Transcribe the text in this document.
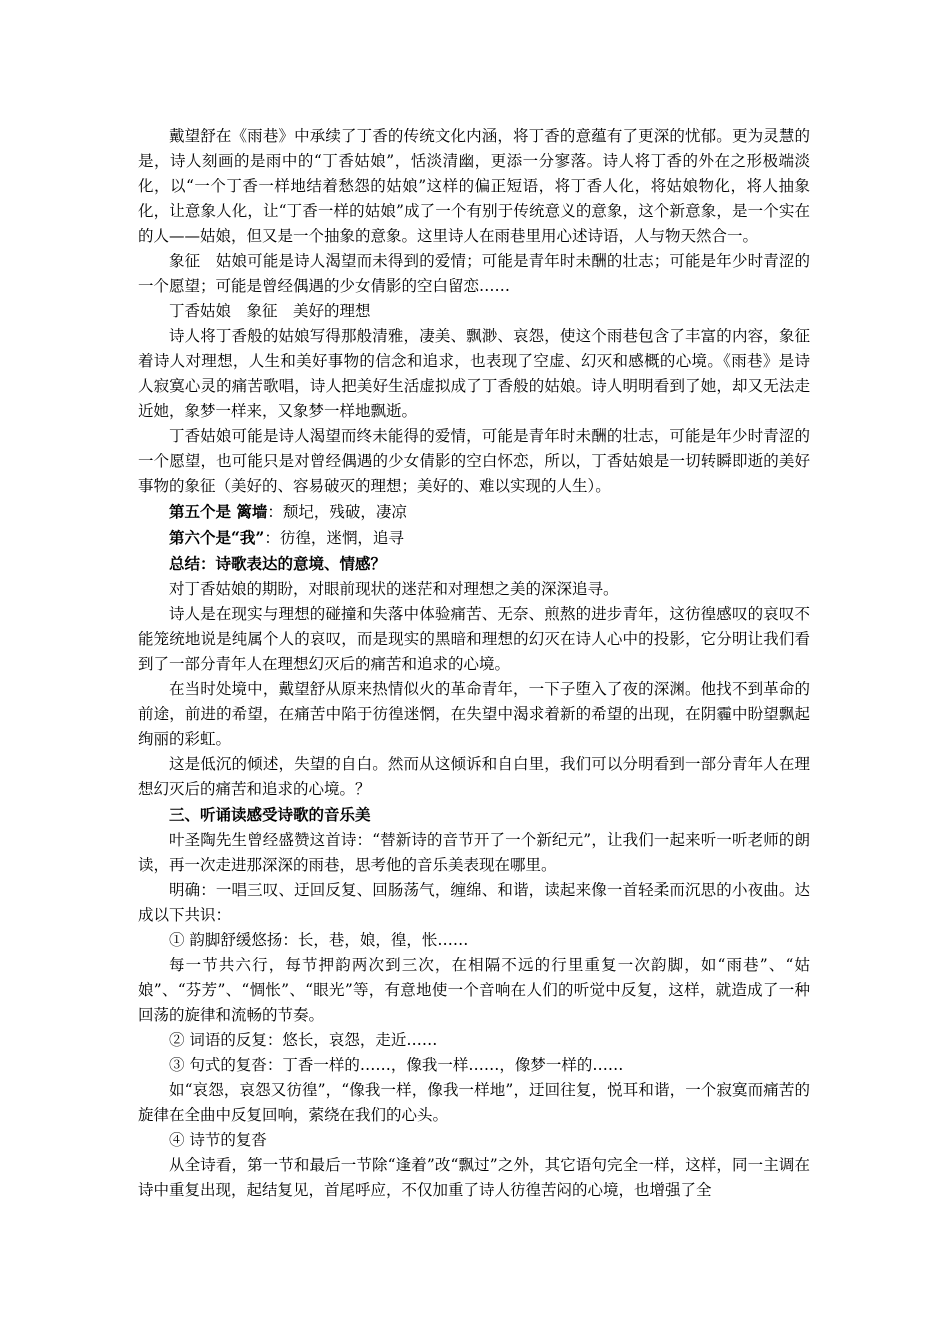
戴望舒在《雨巷》中承续了丁香的传统文化内涵，将丁香的意蕴有了更深的忧郁。更为灵慧的是，诗人刻画的是雨中的“丁香姑娘”，恬淡清幽，更添一分寥落。诗人将丁香的外在之形极端淡化，以“一个丁香一样地结着愁怨的姑娘”这样的偏正短语，将丁香人化，将姑娘物化，将人抽象化，让意象人化，让“丁香一样的姑娘”成了一个有别于传统意义的意象，这个新意象，是一个实在的人——姑娘，但又是一个抽象的意象。这里诗人在雨巷里用心述诗语，人与物天然合一。

象征　姑娘可能是诗人渴望而未得到的爱情；可能是青年时未酬的壮志；可能是年少时青涩的一个愿望；可能是曾经偶遇的少女倩影的空白留恋……

丁香姑娘　象征　美好的理想

诗人将丁香般的姑娘写得那般清雅，凄美、飘渺、哀怨，使这个雨巷包含了丰富的内容，象征着诗人对理想，人生和美好事物的信念和追求，也表现了空虚、幻灭和感概的心境。《雨巷》是诗人寂寞心灵的痛苦歌唱，诗人把美好生活虚拟成了丁香般的姑娘。诗人明明看到了她，却又无法走近她，象梦一样来，又象梦一样地飘逝。

丁香姑娘可能是诗人渴望而终未能得的爱情，可能是青年时未酬的壮志，可能是年少时青涩的一个愿望，也可能只是对曾经偶遇的少女倩影的空白怀恋，所以，丁香姑娘是一切转瞬即逝的美好事物的象征（美好的、容易破灭的理想；美好的、难以实现的人生）。

第五个是 篱墙：颓圮，残破，凄凉

第六个是“我”：彷徨，迷惘，追寻

总结：诗歌表达的意境、情感？

对丁香姑娘的期盼，对眼前现状的迷茫和对理想之美的深深追寻。

诗人是在现实与理想的碰撞和失落中体验痛苦、无奈、煎熬的进步青年，这彷徨感叹的哀叹不能笼统地说是纯属个人的哀叹，而是现实的黑暗和理想的幻灭在诗人心中的投影，它分明让我们看到了一部分青年人在理想幻灭后的痛苦和追求的心境。

在当时处境中，戴望舒从原来热情似火的革命青年，一下子堕入了夜的深渊。他找不到革命的前途，前进的希望，在痛苦中陷于彷徨迷惘，在失望中渴求着新的希望的出现，在阴霾中盼望飘起绚丽的彩虹。

这是低沉的倾述，失望的自白。然而从这倾诉和自白里，我们可以分明看到一部分青年人在理想幻灭后的痛苦和追求的心境。？

三、听诵读感受诗歌的音乐美

叶圣陶先生曾经盛赞这首诗：“替新诗的音节开了一个新纪元”，让我们一起来听一听老师的朗读，再一次走进那深深的雨巷，思考他的音乐美表现在哪里。

明确：一唱三叹、迂回反复、回肠荡气，缠绵、和谐，读起来像一首轻柔而沉思的小夜曲。达成以下共识：

① 韵脚舒缓悠扬：长，巷，娘，徨，怅……

每一节共六行，每节押韵两次到三次，在相隔不远的行里重复一次韵脚，如“雨巷”、“姑娘”、“芬芳”、“惆怅”、“眼光”等，有意地使一个音响在人们的听觉中反复，这样，就造成了一种回荡的旋律和流畅的节奏。

② 词语的反复：悠长，哀怨，走近……

③ 句式的复沓：丁香一样的……，像我一样……，像梦一样的……

如“哀怨，哀怨又彷徨”，“像我一样，像我一样地”，迂回往复，悦耳和谐，一个寂寞而痛苦的旋律在全曲中反复回响，萦绕在我们的心头。

④ 诗节的复沓

从全诗看，第一节和最后一节除“逢着”改“飘过”之外，其它语句完全一样，这样，同一主调在诗中重复出现，起结复见，首尾呼应，不仅加重了诗人彷徨苦闷的心境，也增强了全
